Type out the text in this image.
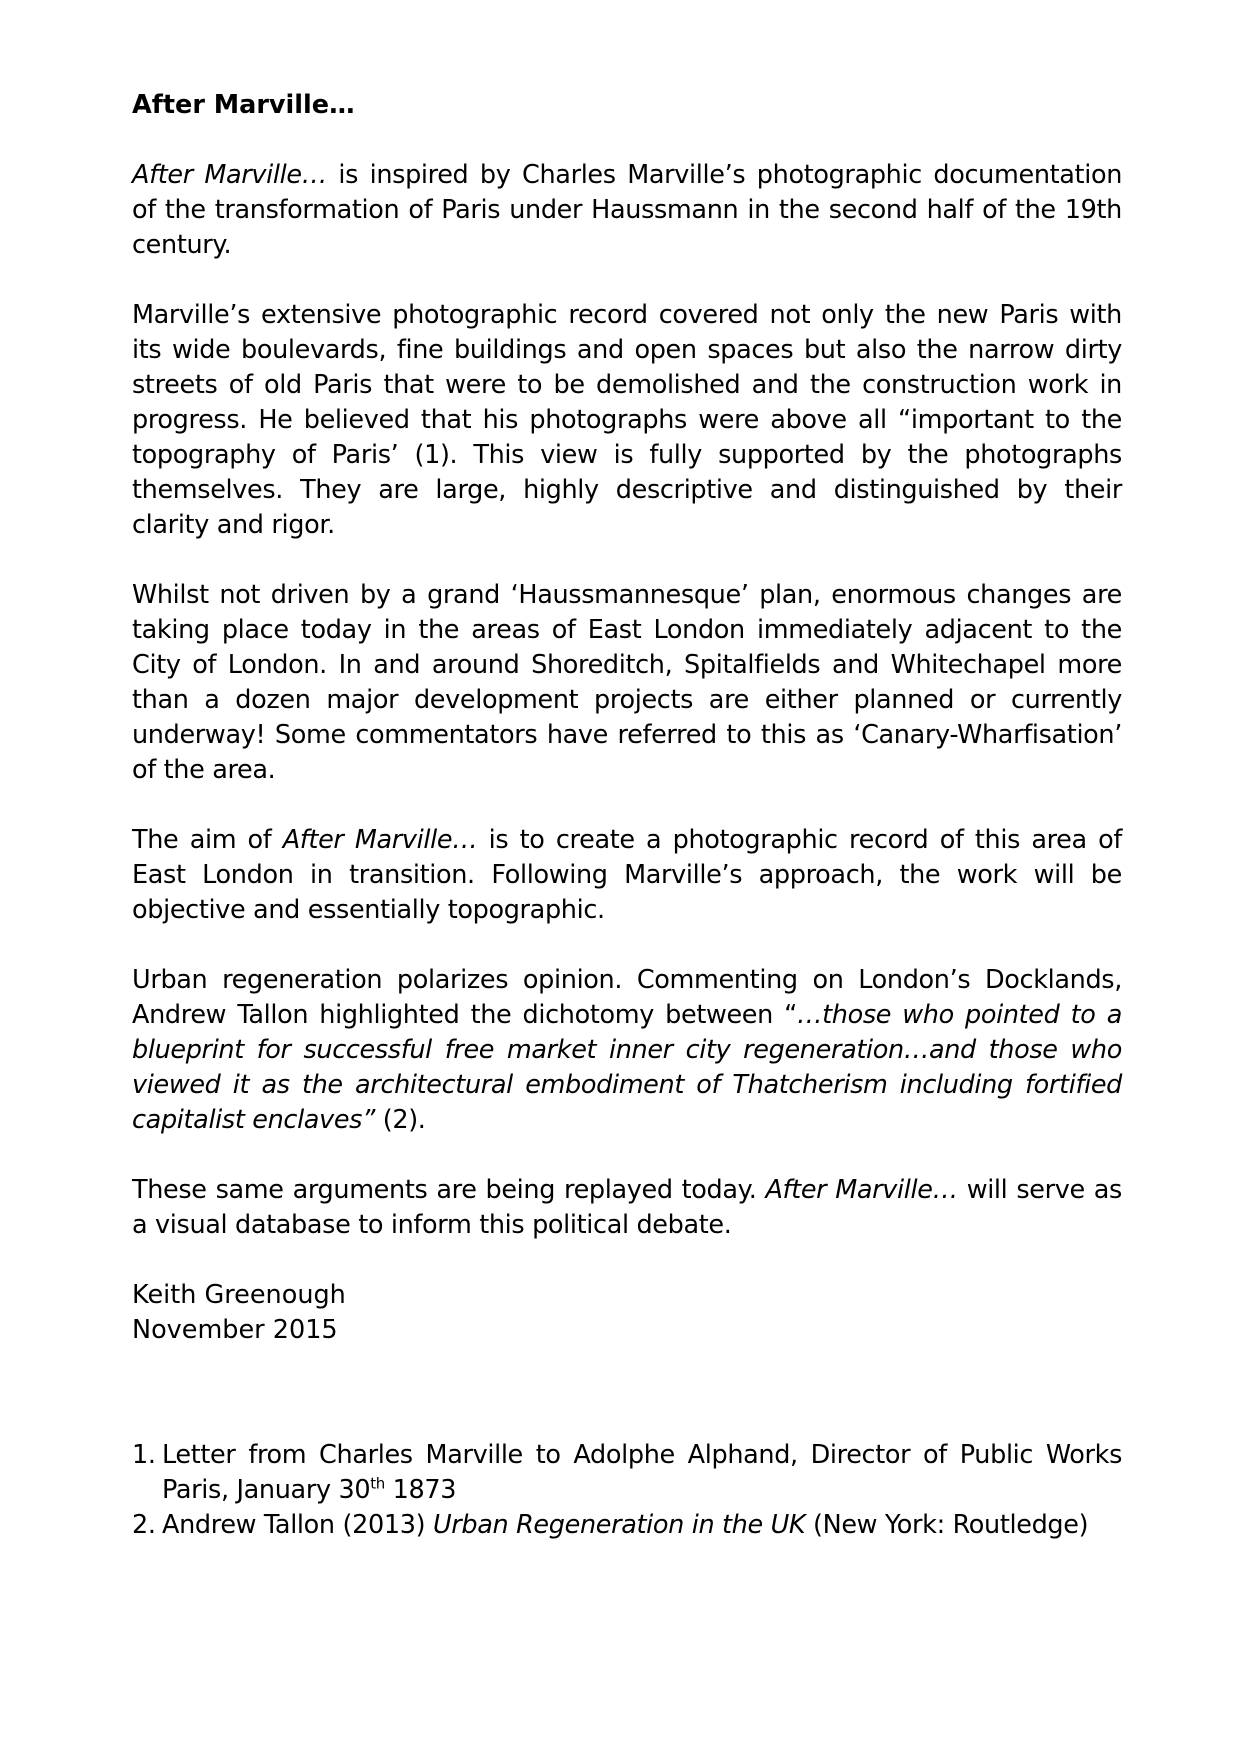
After Marville…

After Marville… is inspired by Charles Marville’s photographic documentation of the transformation of Paris under Haussmann in the second half of the 19th century.

Marville’s extensive photographic record covered not only the new Paris with its wide boulevards, fine buildings and open spaces but also the narrow dirty streets of old Paris that were to be demolished and the construction work in progress. He believed that his photographs were above all “important to the topography of Paris’ (1). This view is fully supported by the photographs themselves. They are large, highly descriptive and distinguished by their clarity and rigor.

Whilst not driven by a grand ‘Haussmannesque’ plan, enormous changes are taking place today in the areas of East London immediately adjacent to the City of London. In and around Shoreditch, Spitalfields and Whitechapel more than a dozen major development projects are either planned or currently underway! Some commentators have referred to this as ‘Canary-Wharfisation’ of the area.

The aim of After Marville… is to create a photographic record of this area of East London in transition. Following Marville’s approach, the work will be objective and essentially topographic.

Urban regeneration polarizes opinion. Commenting on London’s Docklands, Andrew Tallon highlighted the dichotomy between “…those who pointed to a blueprint for successful free market inner city regeneration…and those who viewed it as the architectural embodiment of Thatcherism including fortified capitalist enclaves” (2).

These same arguments are being replayed today. After Marville… will serve as a visual database to inform this political debate.

Keith Greenough
November 2015
1. Letter from Charles Marville to Adolphe Alphand, Director of Public Works Paris, January 30th 1873
2. Andrew Tallon (2013) Urban Regeneration in the UK (New York: Routledge)
